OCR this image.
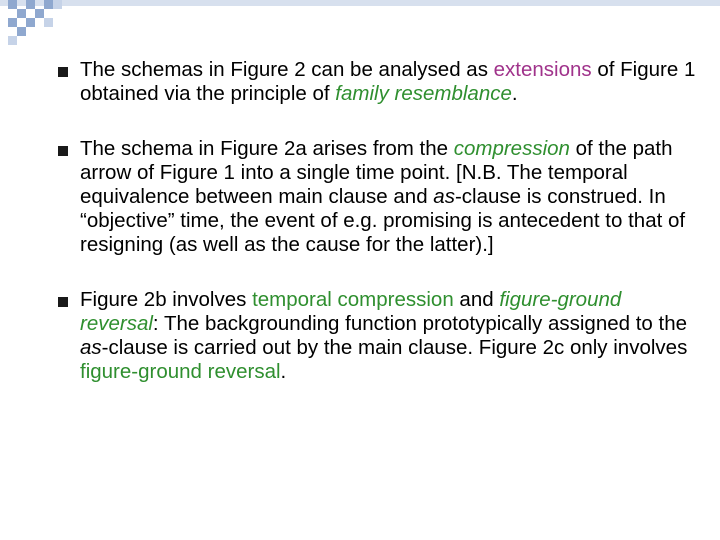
The schemas in Figure 2 can be analysed as extensions of Figure 1 obtained via the principle of family resemblance.
The schema in Figure 2a arises from the compression of the path arrow of Figure 1 into a single time point. [N.B. The temporal equivalence between main clause and as-clause is construed. In “objective” time, the event of e.g. promising is antecedent to that of resigning (as well as the cause for the latter).]
Figure 2b involves temporal compression and figure-ground reversal: The backgrounding function prototypically assigned to the as-clause is carried out by the main clause. Figure 2c only involves figure-ground reversal.
